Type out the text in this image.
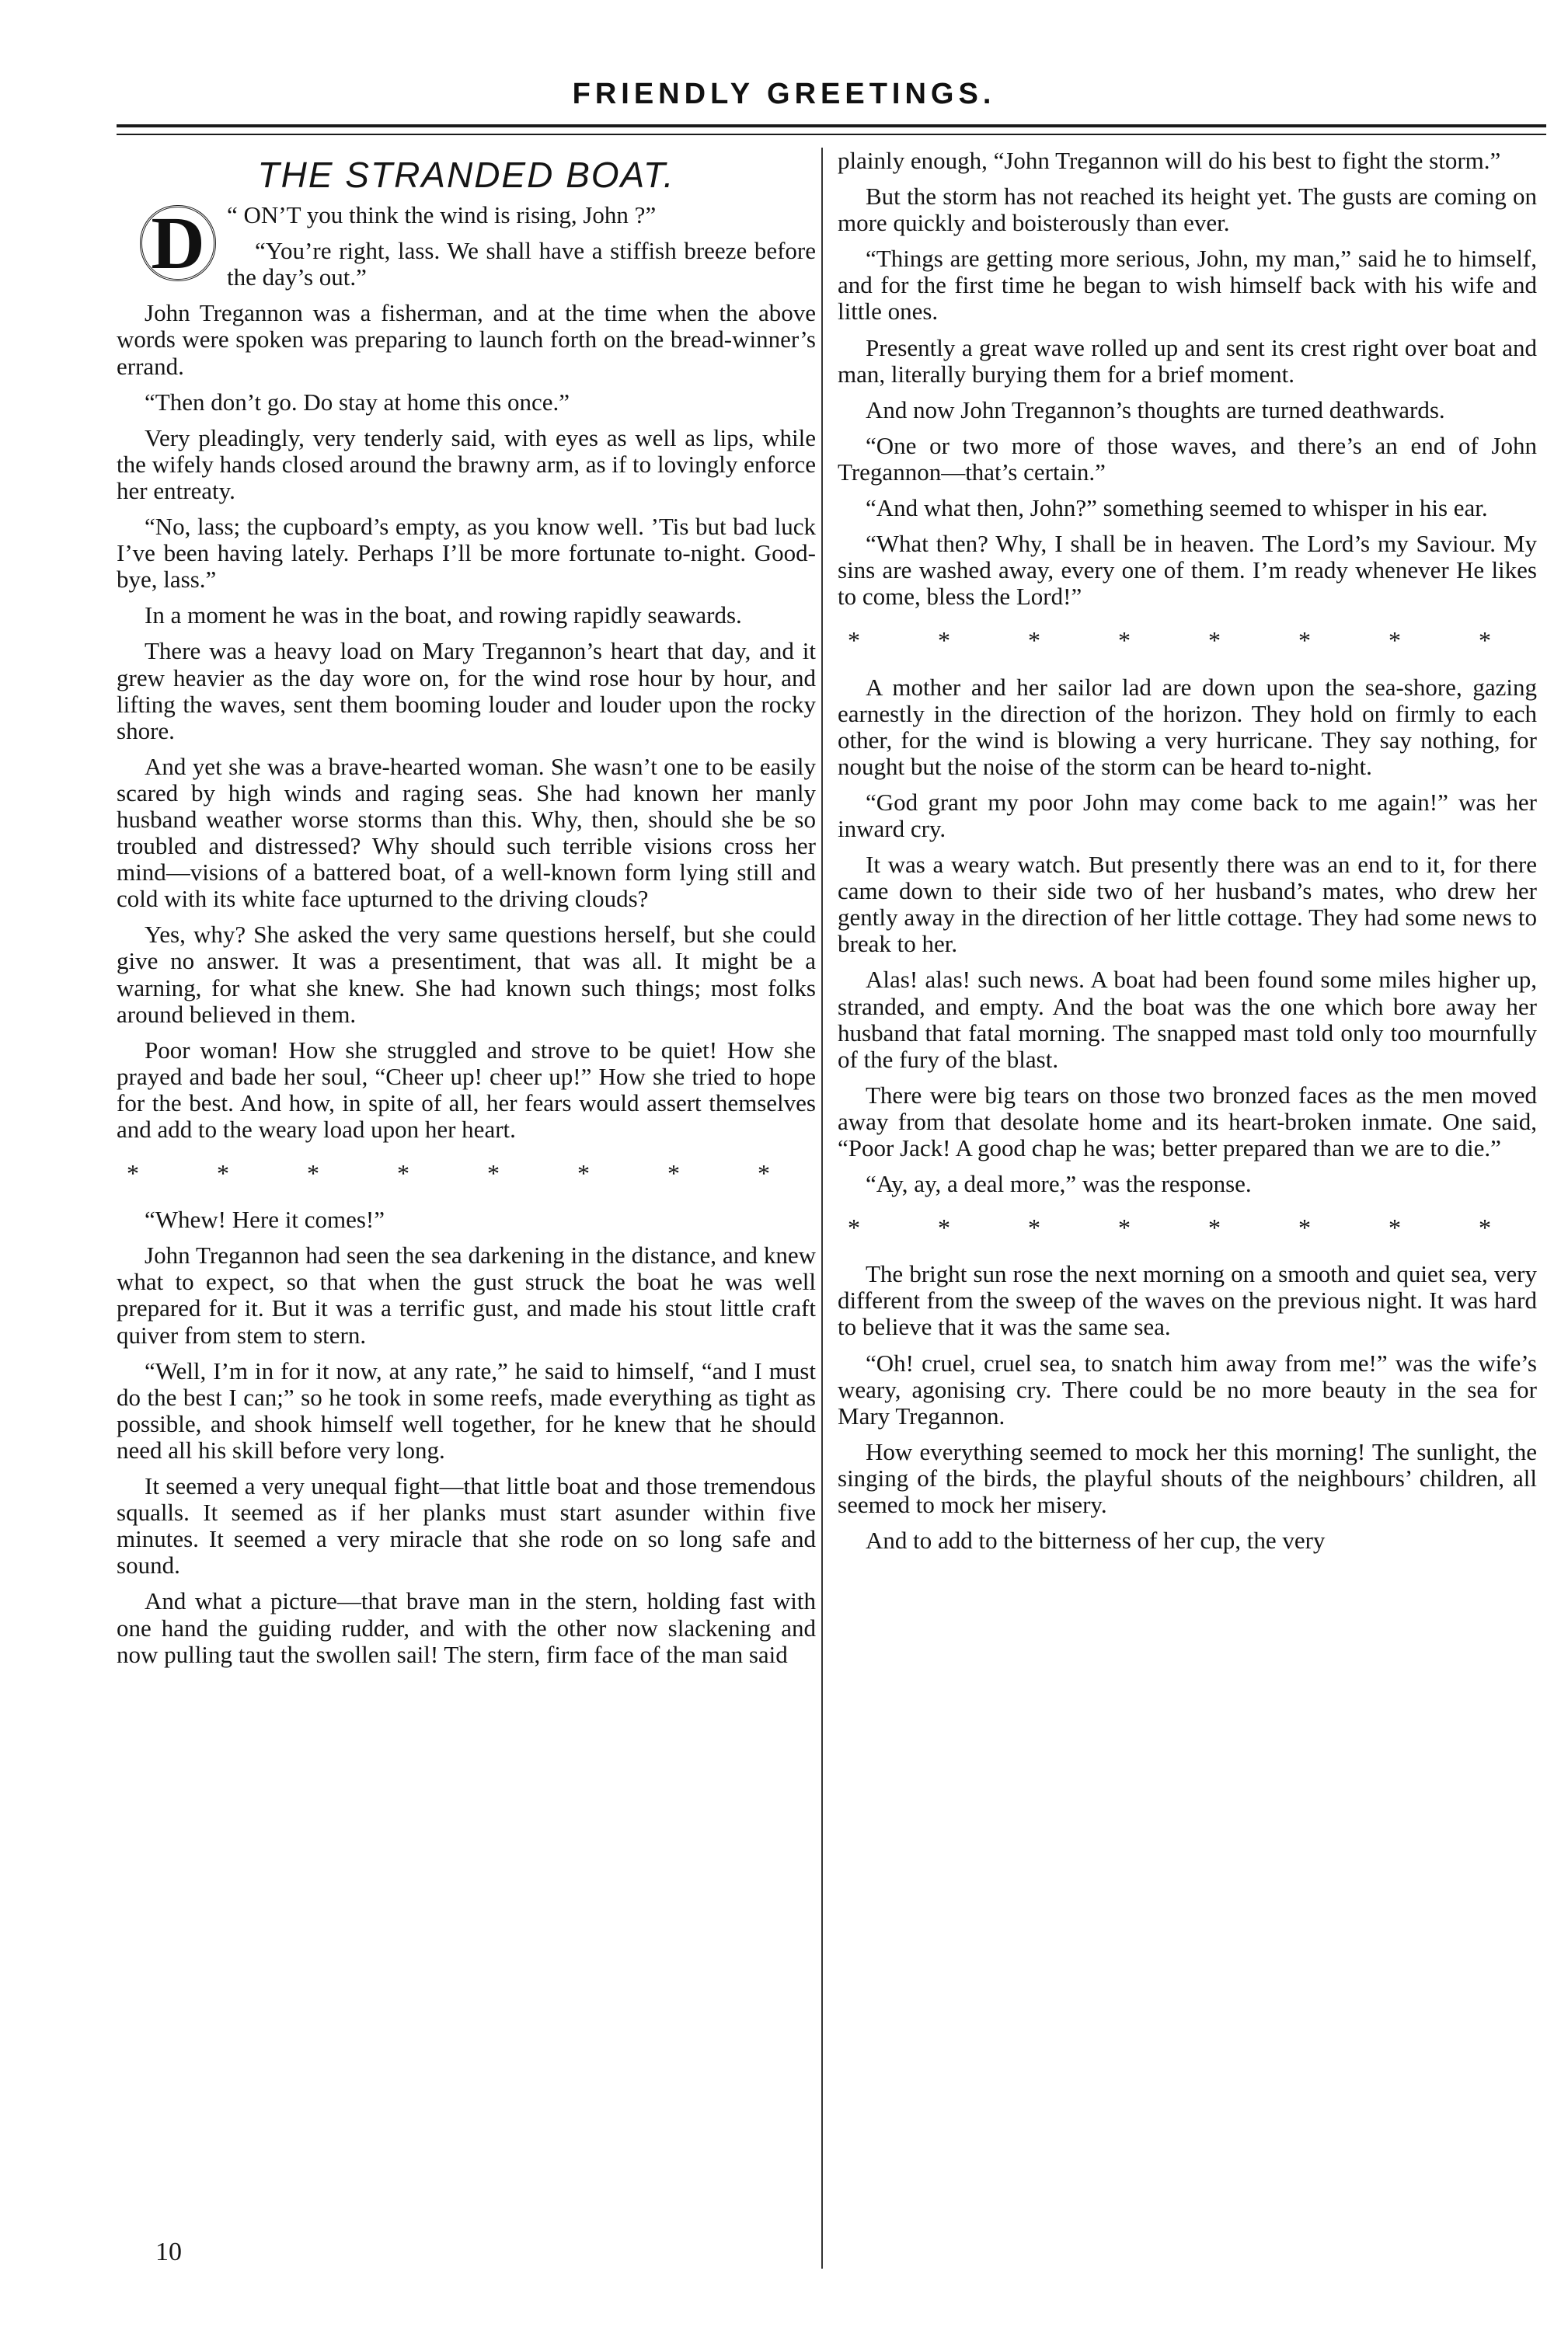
FRIENDLY GREETINGS.
THE STRANDED BOAT.
D “ ON’T you think the wind is rising, John ?”

“You’re right, lass. We shall have a stiffish breeze before the day’s out.”

John Tregannon was a fisherman, and at the time when the above words were spoken was preparing to launch forth on the bread-winner’s errand.

“Then don’t go. Do stay at home this once.”

Very pleadingly, very tenderly said, with eyes as well as lips, while the wifely hands closed around the brawny arm, as if to lovingly enforce her entreaty.

“No, lass; the cupboard’s empty, as you know well. ’Tis but bad luck I’ve been having lately. Perhaps I’ll be more fortunate to-night. Good-bye, lass.”

In a moment he was in the boat, and rowing rapidly seawards.

There was a heavy load on Mary Tregannon’s heart that day, and it grew heavier as the day wore on, for the wind rose hour by hour, and lifting the waves, sent them booming louder and louder upon the rocky shore.

And yet she was a brave-hearted woman. She wasn’t one to be easily scared by high winds and raging seas. She had known her manly husband weather worse storms than this. Why, then, should she be so troubled and distressed? Why should such terrible visions cross her mind—visions of a battered boat, of a well-known form lying still and cold with its white face upturned to the driving clouds?

Yes, why? She asked the very same questions herself, but she could give no answer. It was a presentiment, that was all. It might be a warning, for what she knew. She had known such things; most folks around believed in them.

Poor woman! How she struggled and strove to be quiet! How she prayed and bade her soul, “Cheer up! cheer up!” How she tried to hope for the best. And how, in spite of all, her fears would assert themselves and add to the weary load upon her heart.

* * * * * * * *

“Whew! Here it comes!”

John Tregannon had seen the sea darkening in the distance, and knew what to expect, so that when the gust struck the boat he was well prepared for it. But it was a terrific gust, and made his stout little craft quiver from stem to stern.

“Well, I’m in for it now, at any rate,” he said to himself, “and I must do the best I can;” so he took in some reefs, made everything as tight as possible, and shook himself well together, for he knew that he should need all his skill before very long.

It seemed a very unequal fight—that little boat and those tremendous squalls. It seemed as if her planks must start asunder within five minutes. It seemed a very miracle that she rode on so long safe and sound.

And what a picture—that brave man in the stern, holding fast with one hand the guiding rudder, and with the other now slackening and now pulling taut the swollen sail! The stern, firm face of the man said

plainly enough, “John Tregannon will do his best to fight the storm.”

But the storm has not reached its height yet. The gusts are coming on more quickly and boisterously than ever.

“Things are getting more serious, John, my man,” said he to himself, and for the first time he began to wish himself back with his wife and little ones.

Presently a great wave rolled up and sent its crest right over boat and man, literally burying them for a brief moment.

And now John Tregannon’s thoughts are turned deathwards.

“One or two more of those waves, and there’s an end of John Tregannon—that’s certain.”

“And what then, John?” something seemed to whisper in his ear.

“What then? Why, I shall be in heaven. The Lord’s my Saviour. My sins are washed away, every one of them. I’m ready whenever He likes to come, bless the Lord!”

* * * * * * * *

A mother and her sailor lad are down upon the sea-shore, gazing earnestly in the direction of the horizon. They hold on firmly to each other, for the wind is blowing a very hurricane. They say nothing, for nought but the noise of the storm can be heard to-night.

“God grant my poor John may come back to me again!” was her inward cry.

It was a weary watch. But presently there was an end to it, for there came down to their side two of her husband’s mates, who drew her gently away in the direction of her little cottage. They had some news to break to her.

Alas! alas! such news. A boat had been found some miles higher up, stranded, and empty. And the boat was the one which bore away her husband that fatal morning. The snapped mast told only too mournfully of the fury of the blast.

There were big tears on those two bronzed faces as the men moved away from that desolate home and its heart-broken inmate. One said, “Poor Jack! A good chap he was; better prepared than we are to die.”

“Ay, ay, a deal more,” was the response.

* * * * * * * *

The bright sun rose the next morning on a smooth and quiet sea, very different from the sweep of the waves on the previous night. It was hard to believe that it was the same sea.

“Oh! cruel, cruel sea, to snatch him away from me!” was the wife’s weary, agonising cry. There could be no more beauty in the sea for Mary Tregannon.

How everything seemed to mock her this morning! The sunlight, the singing of the birds, the playful shouts of the neighbours’ children, all seemed to mock her misery.

And to add to the bitterness of her cup, the very

10
